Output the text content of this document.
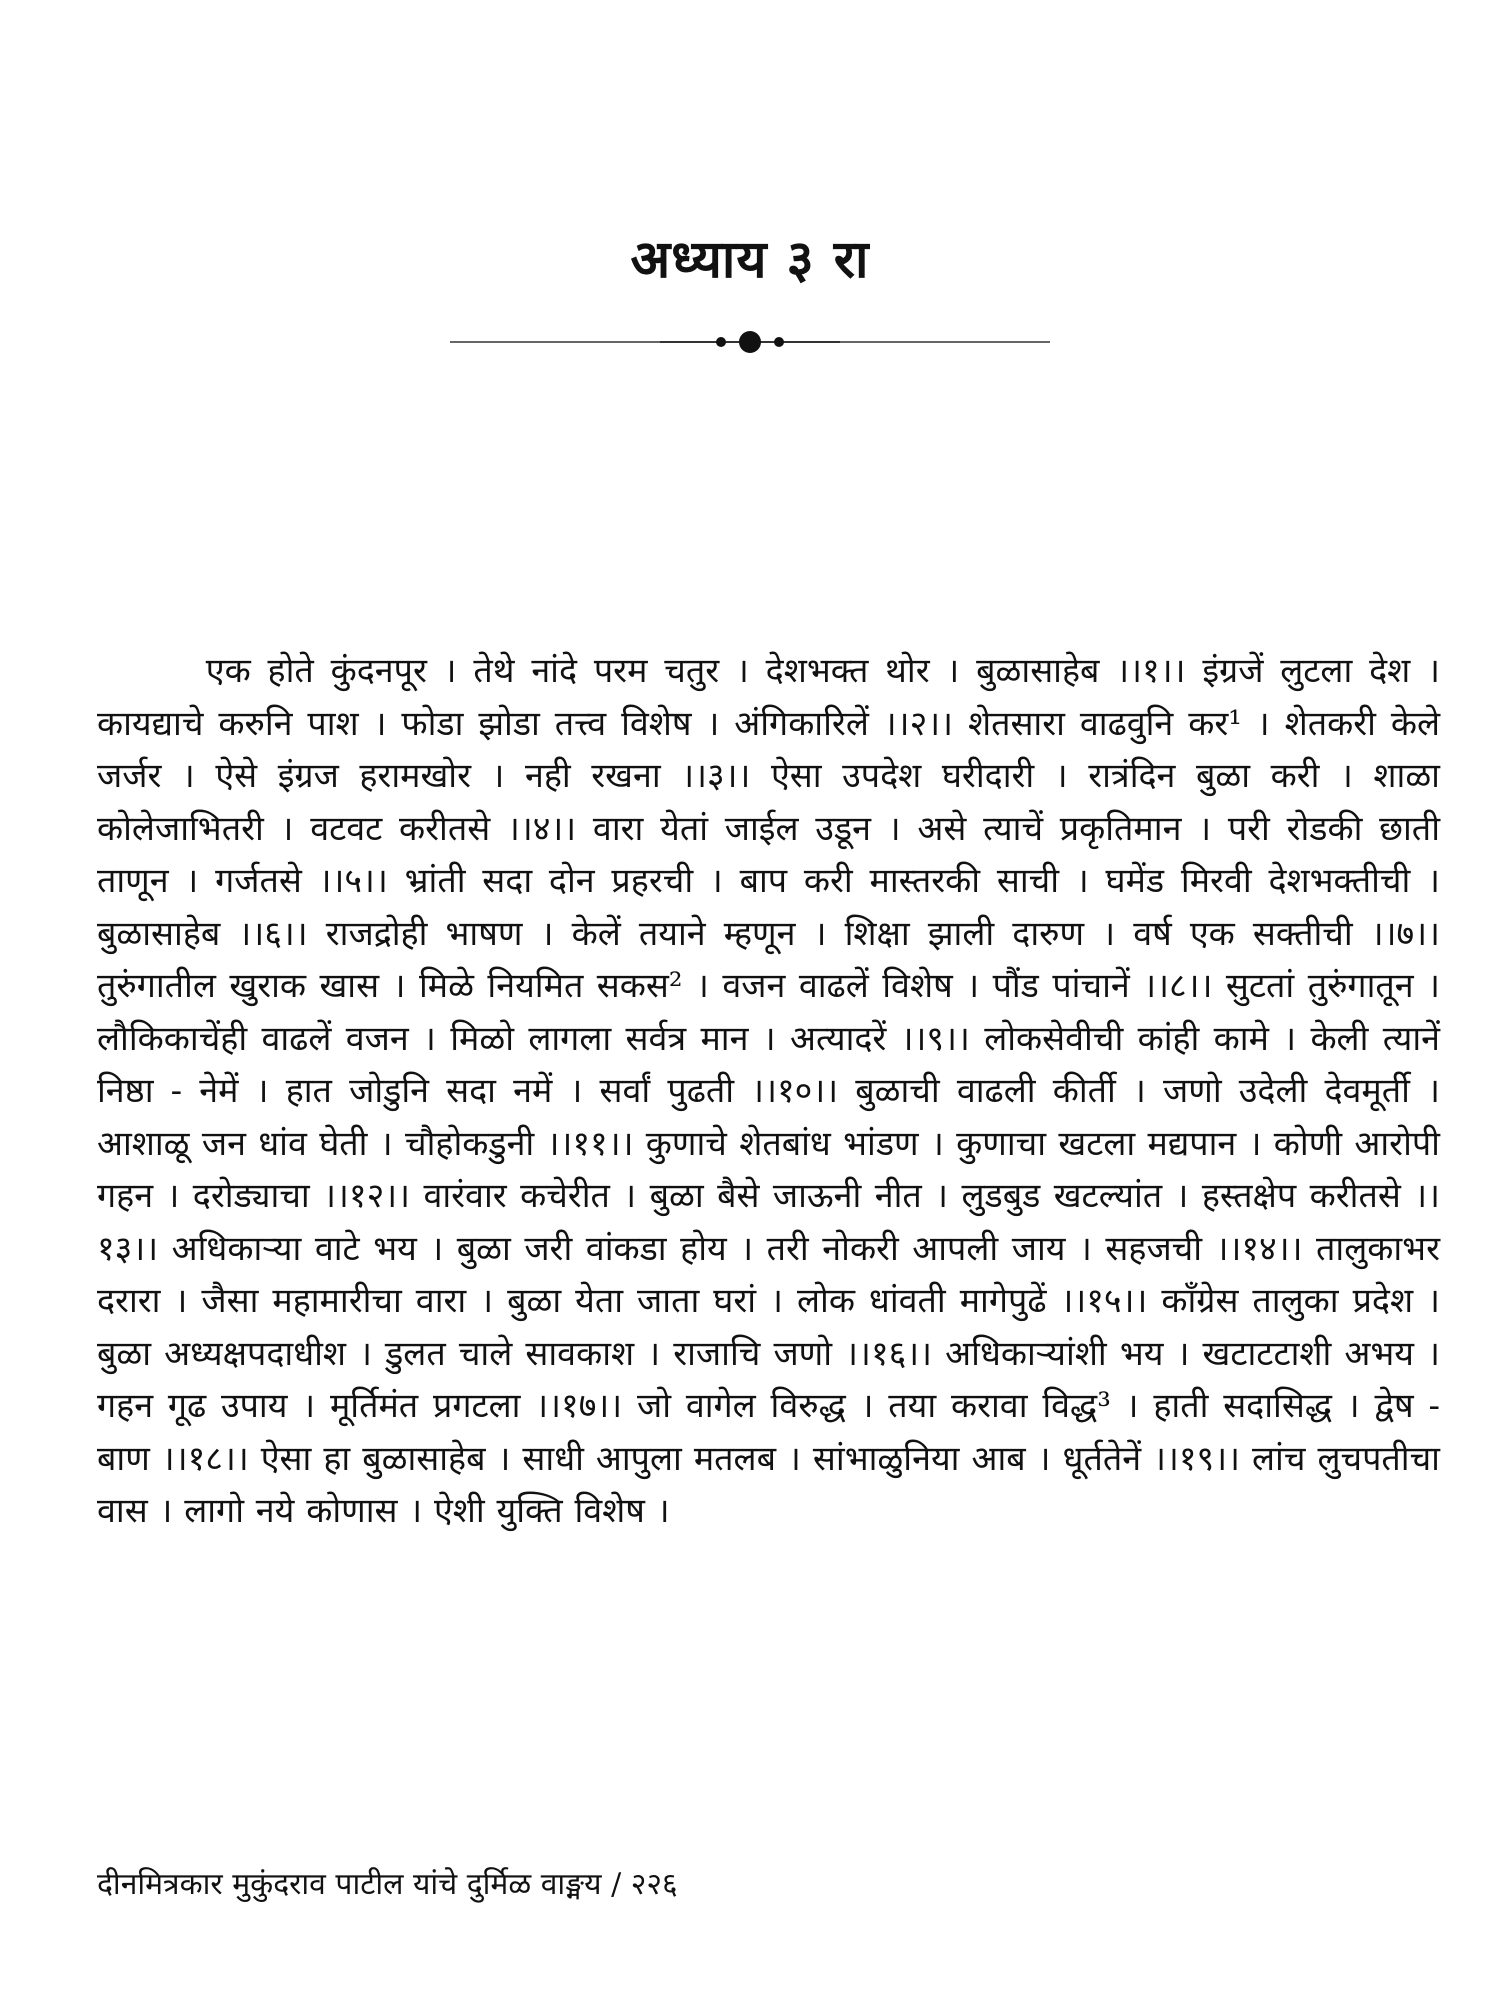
अध्याय ३ रा

एक होते कुंदनपूर । तेथे नांदे परम चतुर । देशभक्त थोर । बुळासाहेब ।।१।। इंग्रजें लुटला देश । कायद्याचे करुनि पाश । फोडा झोडा तत्त्व विशेष । अंगिकारिलें ।।२।। शेतसारा वाढवुनि कर¹ । शेतकरी केले जर्जर । ऐसे इंग्रज हरामखोर । नही रखना ।।३।। ऐसा उपदेश घरीदारी । रात्रंदिन बुळा करी । शाळा कोलेजाभितरी । वटवट करीतसे ।।४।। वारा येतां जाईल उडून । असे त्याचें प्रकृतिमान । परी रोडकी छाती ताणून । गर्जतसे ।।५।। भ्रांती सदा दोन प्रहरची । बाप करी मास्तरकी साची । घमेंड मिरवी देशभक्तीची । बुळासाहेब ।।६।। राजद्रोही भाषण । केलें तयाने म्हणून । शिक्षा झाली दारुण । वर्ष एक सक्तीची ।।७।। तुरुंगातील खुराक खास । मिळे नियमित सकस² । वजन वाढलें विशेष । पौंड पांचानें ।।८।। सुटतां तुरुंगातून । लौकिकाचेंही वाढलें वजन । मिळो लागला सर्वत्र मान । अत्यादरें ।।९।। लोकसेवीची कांही कामे । केली त्यानें निष्ठा - नेमें । हात जोडुनि सदा नमें । सर्वां पुढती ।।१०।। बुळाची वाढली कीर्ती । जणो उदेली देवमूर्ती । आशाळू जन धांव घेती । चौहोकडुनी ।।११।। कुणाचे शेतबांध भांडण । कुणाचा खटला मद्यपान । कोणी आरोपी गहन । दरोड्याचा ।।१२।। वारंवार कचेरीत । बुळा बैसे जाऊनी नीत । लुडबुड खटल्यांत । हस्तक्षेप करीतसे ।।१३।। अधिकाऱ्या वाटे भय । बुळा जरी वांकडा होय । तरी नोकरी आपली जाय । सहजची ।।१४।। तालुकाभर दरारा । जैसा महामारीचा वारा । बुळा येता जाता घरां । लोक धांवती मागेपुढें ।।१५।। कॉंग्रेस तालुका प्रदेश । बुळा अध्यक्षपदाधीश । डुलत चाले सावकाश । राजाचि जणो ।।१६।। अधिकाऱ्यांशी भय । खटाटटाशी अभय । गहन गूढ उपाय । मूर्तिमंत प्रगटला ।।१७।। जो वागेल विरुद्ध । तया करावा विद्ध³ । हाती सदासिद्ध । द्वेष - बाण ।।१८।। ऐसा हा बुळासाहेब । साधी आपुला मतलब । सांभाळुनिया आब । धूर्ततेनें ।।१९।। लांच लुचपतीचा वास । लागो नये कोणास । ऐशी युक्ति विशेष ।

दीनमित्रकार मुकुंदराव पाटील यांचे दुर्मिळ वाङ्मय / २२६
